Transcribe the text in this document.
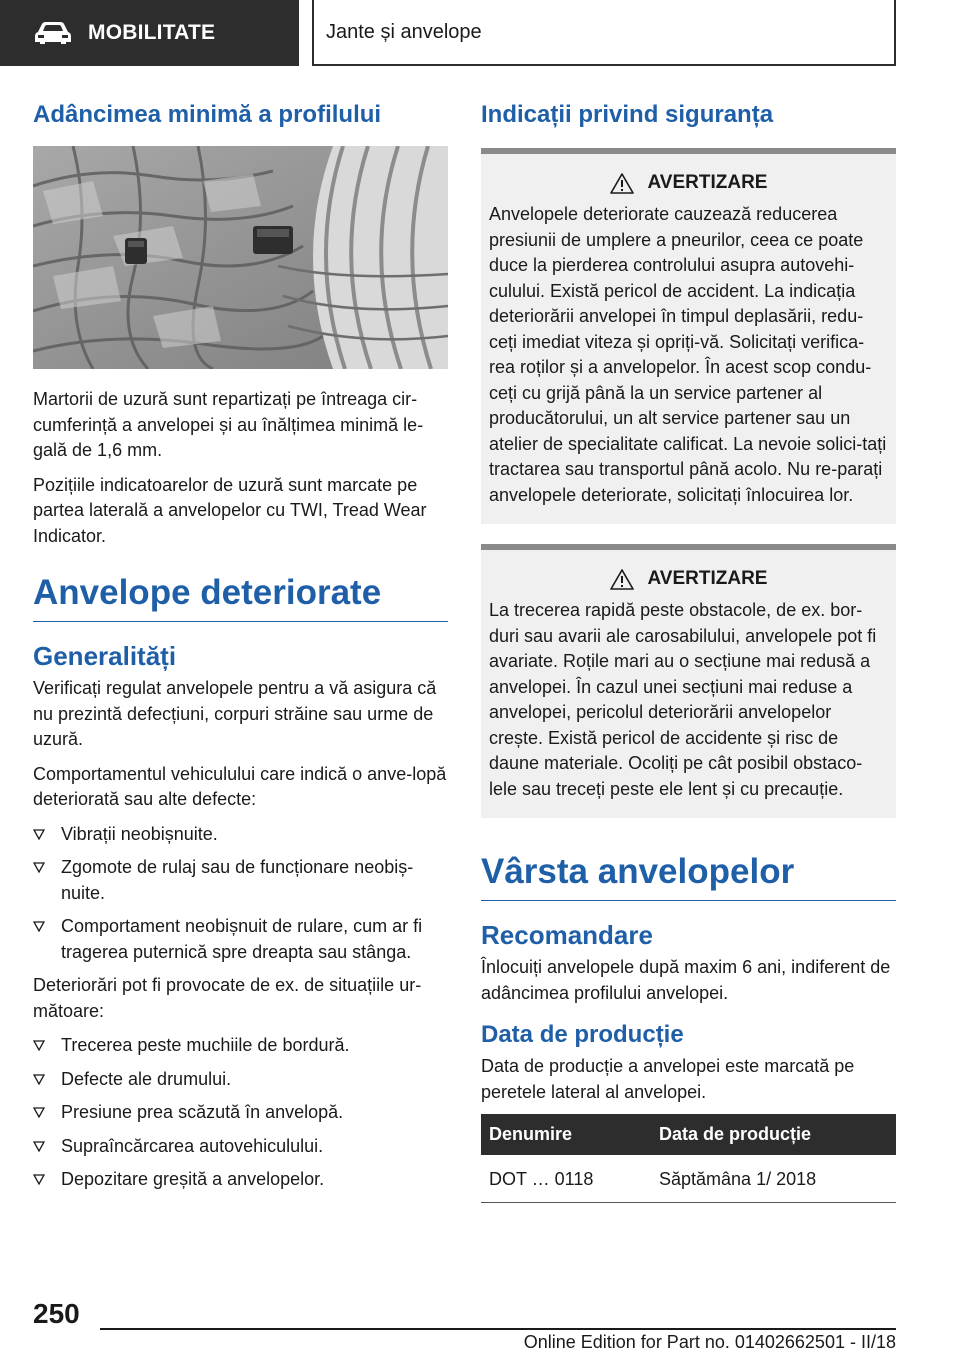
MOBILITATE	Jante și anvelope
Adâncimea minimă a profilului

Martorii de uzură sunt repartizați pe întreaga cir-cumferință a anvelopei și au înălțimea minimă le-gală de 1,6 mm.

Pozițiile indicatoarelor de uzură sunt marcate pe partea laterală a anvelopelor cu TWI, Tread Wear Indicator.

Anvelope deteriorate
Generalități

Verificați regulat anvelopele pentru a vă asigura că nu prezintă defecțiuni, corpuri străine sau urme de uzură.

Comportamentul vehiculului care indică o anve-lopă deteriorată sau alte defecte:

Vibrații neobișnuite.
Zgomote de rulaj sau de funcționare neobiș-nuite.
Comportament neobișnuit de rulare, cum ar fi tragerea puternică spre dreapta sau stânga.

Deteriorări pot fi provocate de ex. de situațiile ur-mătoare:

Trecerea peste muchiile de bordură.
Defecte ale drumului.
Presiune prea scăzută în anvelopă.
Supraîncărcarea autovehiculului.
Depozitare greșită a anvelopelor.
Indicații privind siguranța
AVERTIZARE

Anvelopele deteriorate cauzează reducerea presiunii de umplere a pneurilor, ceea ce poate duce la pierderea controlului asupra autovehi-culului. Există pericol de accident. La indicația deteriorării anvelopei în timpul deplasării, redu-ceți imediat viteza și opriți-vă. Solicitați verifica-rea roților și a anvelopelor. În acest scop condu-ceți cu grijă până la un service partener al producătorului, un alt service partener sau un atelier de specialitate calificat. La nevoie solici-tați tractarea sau transportul până acolo. Nu re-parați anvelopele deteriorate, solicitați înlocuirea lor.

AVERTIZARE

La trecerea rapidă peste obstacole, de ex. bor-duri sau avarii ale carosabilului, anvelopele pot fi avariate. Roțile mari au o secțiune mai redusă a anvelopei. În cazul unei secțiuni mai reduse a anvelopei, pericolul deteriorării anvelopelor crește. Există pericol de accidente și risc de daune materiale. Ocoliți pe cât posibil obstaco-lele sau treceți peste ele lent și cu precauție.

Vârsta anvelopelor
Recomandare

Înlocuiți anvelopele după maxim 6 ani, indiferent de adâncimea profilului anvelopei.

Data de producție

Data de producție a anvelopei este marcată pe peretele lateral al anvelopei.

Denumire	Data de producție
DOT … 0118	Săptămâna 1/ 2018
250
Online Edition for Part no. 01402662501 - II/18
